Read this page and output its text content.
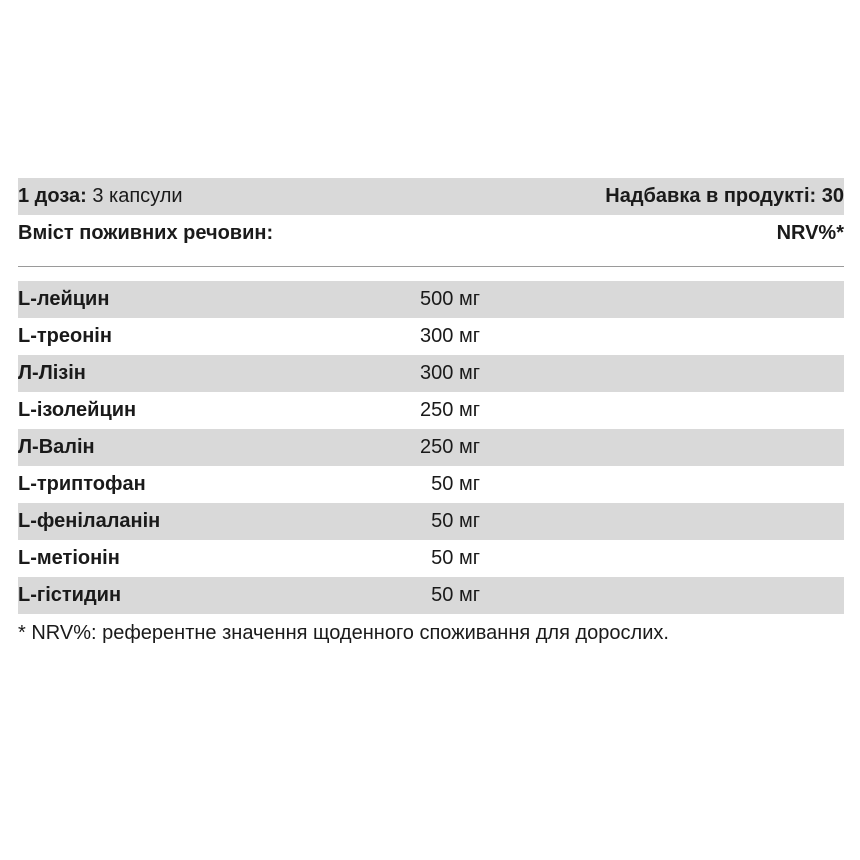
1 доза: 3 капсули	Надбавка в продукті: 30
Вміст поживних речовин:	NRV%*
L-лейцин	500 мг
L-треонін	300 мг
Л-Лізін	300 мг
L-ізолейцин	250 мг
Л-Валін	250 мг
L-триптофан	50 мг
L-фенілаланін	50 мг
L-метіонін	50 мг
L-гістидин	50 мг
* NRV%: референтне значення щоденного споживання для дорослих.
